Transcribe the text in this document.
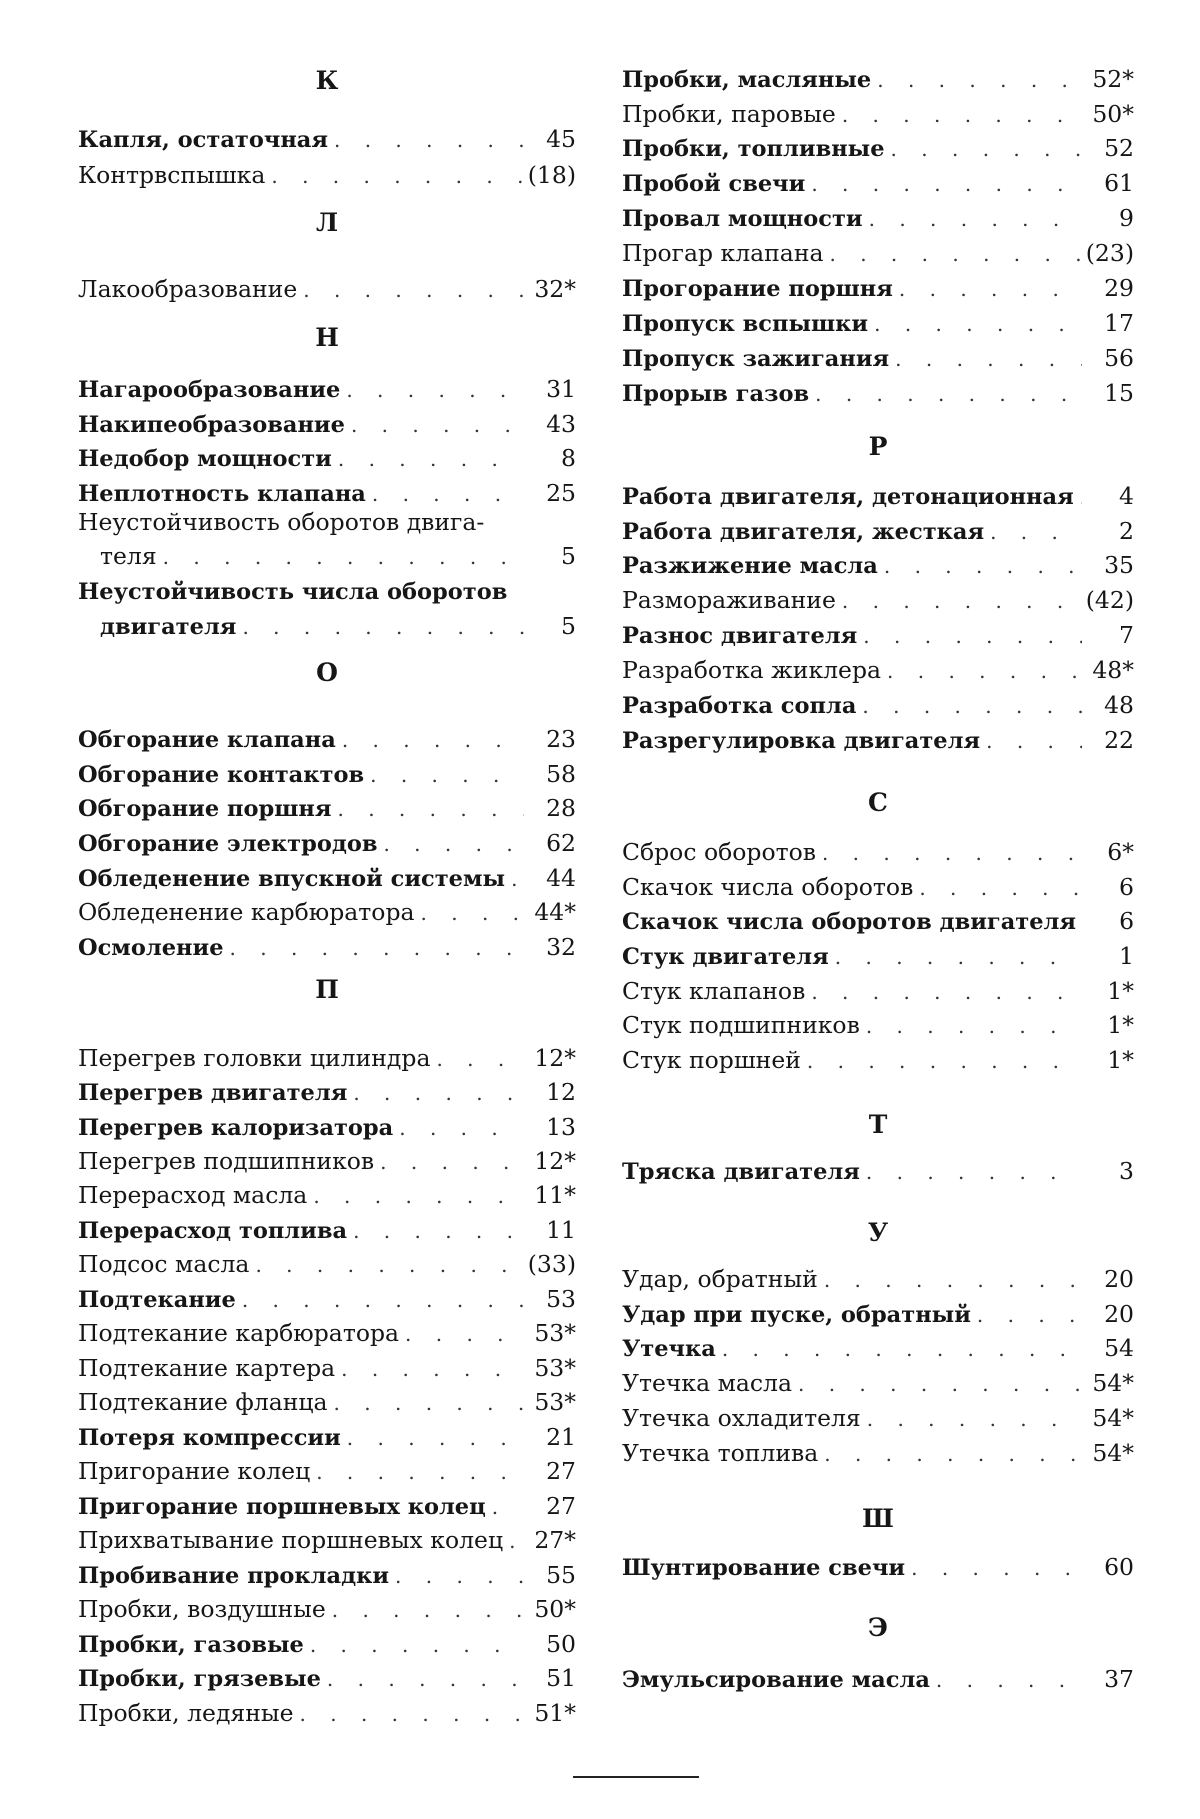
К
Капля, остаточная . . .	45
Контрвспышка . . .	(18)
Л
Лакообразование . . .	32*
Н
Нагарообразование . . .	31
Накипеобразование . . .	43
Недобор мощности . . .	8
Неплотность клапана . . .	25
Неустойчивость оборотов двига-
теля . . .	5
Неустойчивость числа оборотов
двигателя . . .	5
О
Обгорание клапана . . .	23
Обгорание контактов . . .	58
Обгорание поршня . . .	28
Обгорание электродов . . .	62
Обледенение впускной системы . . .	44
Обледенение карбюратора . . .	44*
Осмоление . . .	32
П
Перегрев головки цилиндра . . .	12*
Перегрев двигателя . . .	12
Перегрев калоризатора . . .	13
Перегрев подшипников . . .	12*
Перерасход масла . . .	11*
Перерасход топлива . . .	11
Подсос масла . . .	(33)
Подтекание . . .	53
Подтекание карбюратора . . .	53*
Подтекание картера . . .	53*
Подтекание фланца . . .	53*
Потеря компрессии . . .	21
Пригорание колец . . .	27
Пригорание поршневых колец . . .	27
Прихватывание поршневых колец . . . 27*
Пробивание прокладки . . .	55
Пробки, воздушные . . .	50*
Пробки, газовые . . .	50
Пробки, грязевые . . .	51
Пробки, ледяные . . .	51*
Пробки, масляные . . .	52*
Пробки, паровые . . .	50*
Пробки, топливные . . .	52
Пробой свечи . . .	61
Провал мощности . . .	9
Прогар клапана . . .	(23)
Прогорание поршня . . .	29
Пропуск вспышки . . .	17
Пропуск зажигания . . .	56
Прорыв газов . . .	15
Р
Работа двигателя, детонационная . . .	4
Работа двигателя, жесткая . . .	2
Разжижение масла . . .	35
Размораживание . . .	(42)
Разнос двигателя . . .	7
Разработка жиклера . . .	48*
Разработка сопла . . .	48
Разрегулировка двигателя . . .	22
С
Сброс оборотов . . .	6*
Скачок числа оборотов . . .	6
Скачок числа оборотов двигателя	6
Стук двигателя . . .	1
Стук клапанов . . .	1*
Стук подшипников . . .	1*
Стук поршней . . .	1*
Т
Тряска двигателя . . .	3
У
Удар, обратный . . .	20
Удар при пуске, обратный . . .	20
Утечка . . .	54
Утечка масла . . .	54*
Утечка охладителя . . .	54*
Утечка топлива . . .	54*
Ш
Шунтирование свечи . . .	60
Э
Эмульсирование масла . . .	37
